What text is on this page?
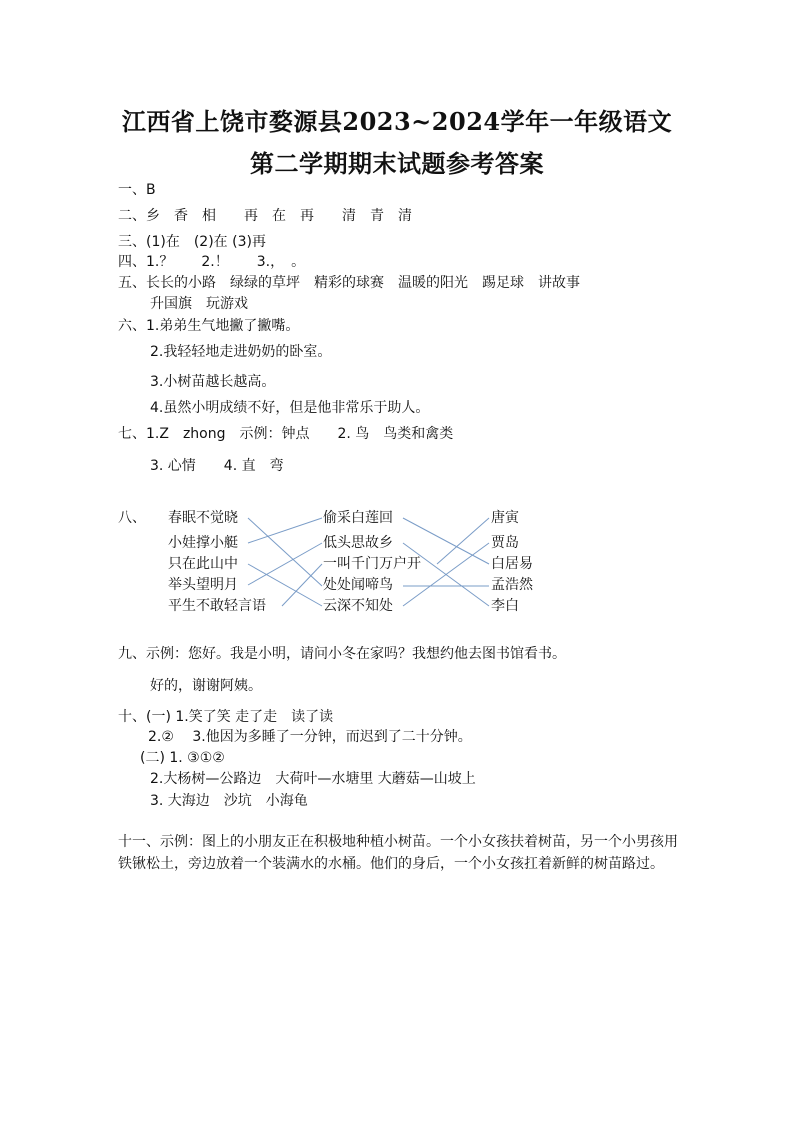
江西省上饶市婺源县2023~2024学年一年级语文
第二学期期末试题参考答案
一、B
二、乡　香　相　　再　在　再　　清　青　清
三、(1)在　(2)在 (3)再
四、1.？　　2.！　　3.，　。
五、长长的小路　绿绿的草坪　精彩的球赛　温暖的阳光　踢足球　讲故事
升国旗　玩游戏
六、1.弟弟生气地撇了撇嘴。
2.我轻轻地走进奶奶的卧室。
3.小树苗越长越高。
4.虽然小明成绩不好，但是他非常乐于助人。
七、1.Z　zhong　示例：钟点　　2. 鸟　鸟类和禽类
3. 心情　　4. 直　弯
八、 春眠不觉晓
小娃撑小艇
只在此山中
举头望明月
平生不敢轻言语
偷采白莲回
低头思故乡
一叫千门万户开
处处闻啼鸟
云深不知处
唐寅
贾岛
白居易
孟浩然
李白
九、示例：您好。我是小明，请问小冬在家吗？我想约他去图书馆看书。
好的，谢谢阿姨。
十、(一) 1.笑了笑 走了走　读了读
2.②　 3.他因为多睡了一分钟，而迟到了二十分钟。
(二) 1. ③①②
2.大杨树—公路边　大荷叶—水塘里 大蘑菇—山坡上
3. 大海边　沙坑　小海龟
十一、示例：图上的小朋友正在积极地种植小树苗。一个小女孩扶着树苗，另一个小男孩用铁锹松土，旁边放着一个装满水的水桶。他们的身后，一个小女孩扛着新鲜的树苗路过。
